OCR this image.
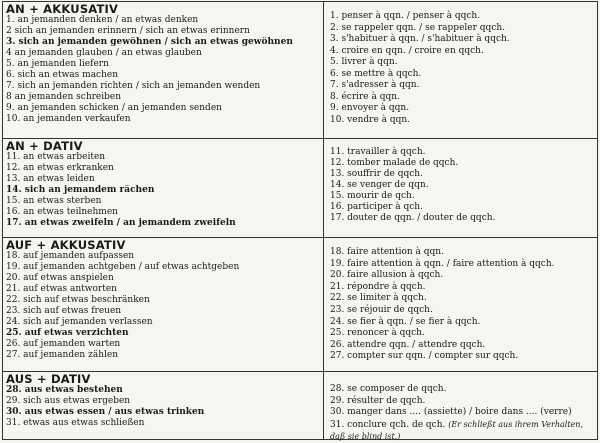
AN + AKKUSATIV
1. an jemanden denken / an etwas denken
2 sich an jemanden erinnern / sich an etwas erinnern
3. sich an jemanden gewöhnen / sich an etwas gewöhnen
4 an jemanden glauben / an etwas glauben
5. an jemanden liefern
6. sich an etwas machen
7. sich an jemanden richten / sich an jemanden wenden
8 an jemanden schreiben
9. an jemanden schicken / an jemanden senden
10. an jemanden verkaufen
1. penser à qqn. / penser à qqch.
2. se rappeler qqn. / se rappeler qqch.
3. s'habituer à qqn. / s'habituer à qqch.
4. croire en qqn. / croire en qqch.
5. livrer à qqn.
6. se mettre à qqch.
7. s'adresser à qqn.
8. écrire à qqn.
9. envoyer à qqn.
10. vendre à qqn.
AN + DATIV
11. an etwas arbeiten
12. an etwas erkranken
13. an etwas leiden
14. sich an jemandem rächen
15. an etwas sterben
16. an etwas teilnehmen
17. an etwas zweifeln / an jemandem zweifeln
11. travailler à qqch.
12. tomber malade de qqch.
13. souffrir de qqch.
14. se venger de qqn.
15. mourir de qch.
16. participer à qch.
17. douter de qqn. / douter de qqch.
AUF + AKKUSATIV
18. auf jemanden aufpassen
19. auf jemanden achtgeben / auf etwas achtgeben
20. auf etwas anspielen
21. auf etwas antworten
22. sich auf etwas beschränken
23. sich auf etwas freuen
24. sich auf jemanden verlassen
25. auf etwas verzichten
26. auf jemanden warten
27. auf jemanden zählen
18. faire attention à qqn.
19. faire attention à qqn. / faire attention à qqch.
20. faire allusion à qqch.
21. répondre à qqch.
22. se limiter à qqch.
23. se réjouir de qqch.
24. se fier à qqn. / se fier à qqch.
25. renoncer à qqch.
26. attendre qqn. / attendre qqch.
27. compter sur qqn. / compter sur qqch.
AUS + DATIV
28. aus etwas bestehen
29. sich aus etwas ergeben
30. aus etwas essen / aus etwas trinken
31. etwas aus etwas schließen
28. se composer de qqch.
29. résulter de qqch.
30. manger dans .... (assiette) / boire dans .... (verre)
31. conclure qch. de qch. (Er schließt aus ihrem Verhalten, daß sie blind ist.)
